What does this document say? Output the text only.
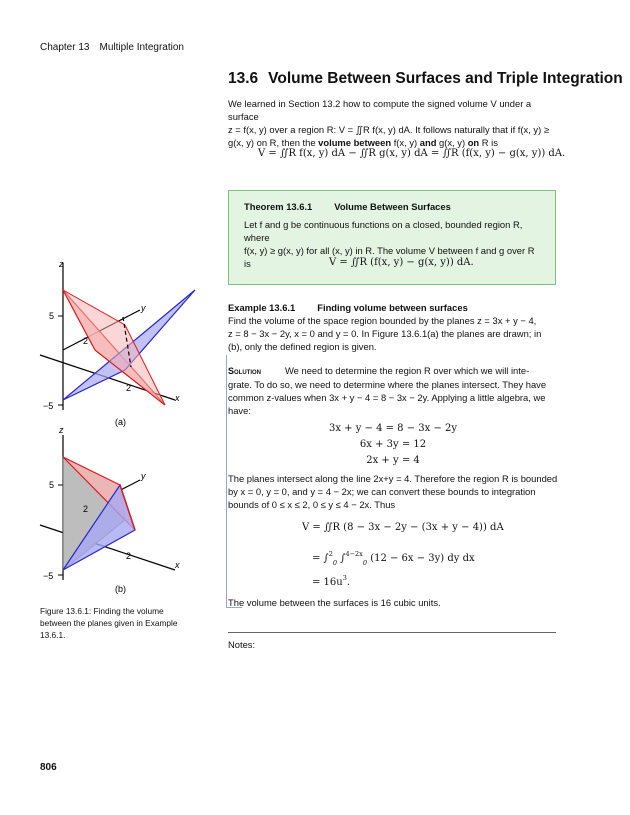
Chapter 13 Multiple Integration
13.6 Volume Between Surfaces and Triple Integration
We learned in Section 13.2 how to compute the signed volume V under a surface
z = f(x, y) over a region R: V = ∬R f(x, y) dA. It follows naturally that if f(x, y) ≥
g(x, y) on R, then the volume between f(x, y) and g(x, y) on R is
V = ∬R f(x, y) dA − ∬R g(x, y) dA = ∬R (f(x, y) − g(x, y)) dA.
Theorem 13.6.1 Volume Between Surfaces
Let f and g be continuous functions on a closed, bounded region R, where
f(x, y) ≥ g(x, y) for all (x, y) in R. The volume V between f and g over R
is	V = ∬R (f(x, y) − g(x, y)) dA.
Example 13.6.1 Finding volume between surfaces
Find the volume of the space region bounded by the planes z = 3x + y − 4,
z = 8 − 3x − 2y, x = 0 and y = 0. In Figure 13.6.1(a) the planes are drawn; in
(b), only the defined region is given.
Solution	We need to determine the region R over which we will inte-
grate. To do so, we need to determine where the planes intersect. They have
common z-values when 3x + y − 4 = 8 − 3x − 2y. Applying a little algebra, we
have:
3x + y − 4 = 8 − 3x − 2y
6x + 3y = 12
2x + y = 4
The planes intersect along the line 2x+y = 4. Therefore the region R is bounded
by x = 0, y = 0, and y = 4 − 2x; we can convert these bounds to integration
bounds of 0 ≤ x ≤ 2, 0 ≤ y ≤ 4 − 2x. Thus
V = ∬R (8 − 3x − 2y − (3x + y − 4)) dA
= ∫$^2_0$ ∫$^{4-2x}_0$ (12 − 6x − 3y) dy dx
= $16u^3$.
The volume between the surfaces is 16 cubic units.
Notes:
z
y
x
5
−5
2
2
(a)
z
y
x
5
−5
2
2
(b)
Figure 13.6.1: Finding the volume between the planes given in Example 13.6.1.
806
